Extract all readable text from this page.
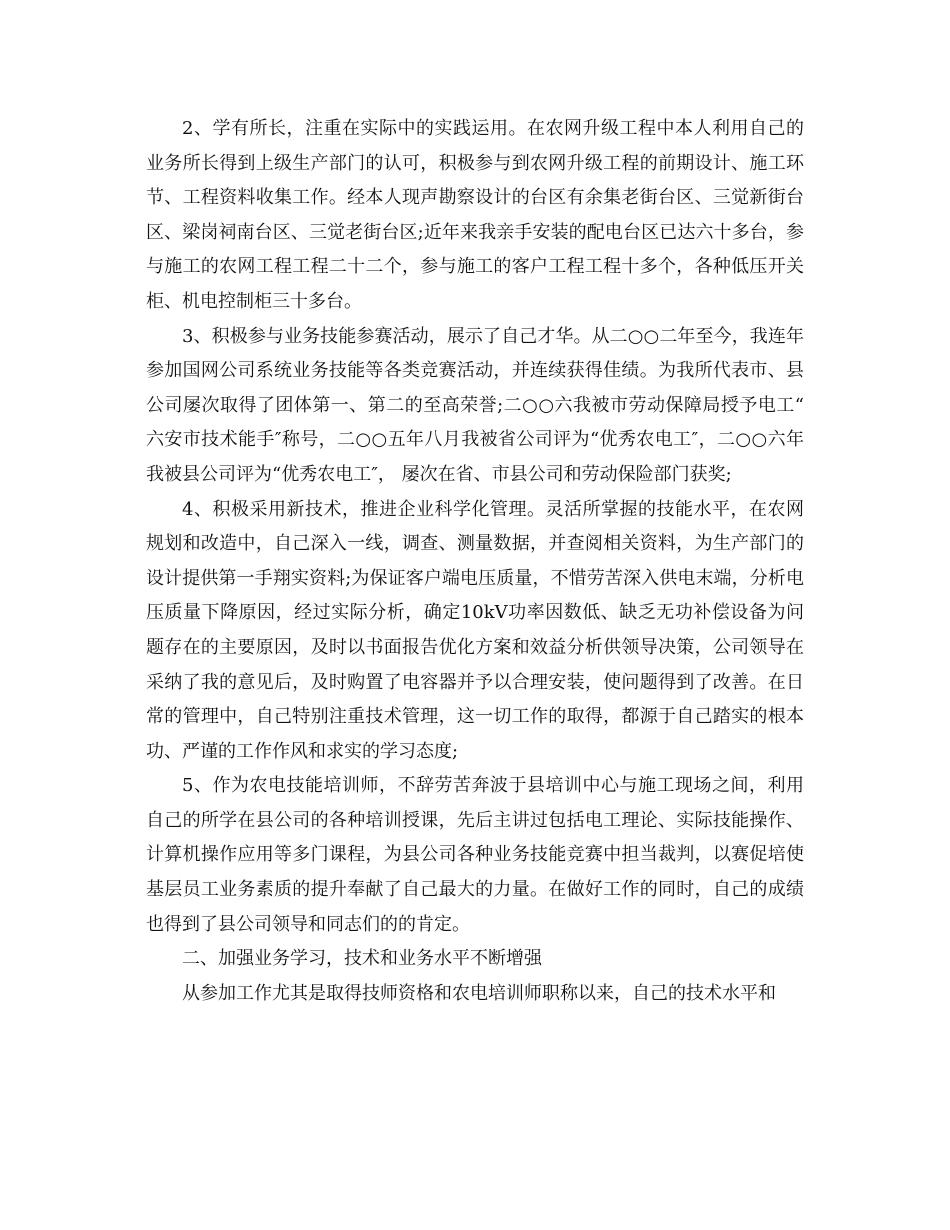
2、学有所长，注重在实际中的实践运用。在农网升级工程中本人利用自己的业务所长得到上级生产部门的认可，积极参与到农网升级工程的前期设计、施工环节、工程资料收集工作。经本人现声勘察设计的台区有余集老街台区、三觉新街台区、梁岗祠南台区、三觉老街台区;近年来我亲手安装的配电台区已达六十多台，参与施工的农网工程工程二十二个，参与施工的客户工程工程十多个，各种低压开关柜、机电控制柜三十多台。

3、积极参与业务技能参赛活动，展示了自己才华。从二○○二年至今，我连年参加国网公司系统业务技能等各类竞赛活动，并连续获得佳绩。为我所代表市、县公司屡次取得了团体第一、第二的至高荣誉;二○○六我被市劳动保障局授予电工“六安市技术能手″称号，二○○五年八月我被省公司评为“优秀农电工″，二○○六年我被县公司评为“优秀农电工″， 屡次在省、市县公司和劳动保险部门获奖;

4、积极采用新技术，推进企业科学化管理。灵活所掌握的技能水平，在农网规划和改造中，自己深入一线，调查、测量数据，并查阅相关资料，为生产部门的设计提供第一手翔实资料;为保证客户端电压质量，不惜劳苦深入供电末端，分析电压质量下降原因，经过实际分析，确定10kV功率因数低、缺乏无功补偿设备为问题存在的主要原因，及时以书面报告优化方案和效益分析供领导决策，公司领导在采纳了我的意见后，及时购置了电容器并予以合理安装，使问题得到了改善。在日常的管理中，自己特别注重技术管理，这一切工作的取得，都源于自己踏实的根本功、严谨的工作作风和求实的学习态度;

5、作为农电技能培训师，不辞劳苦奔波于县培训中心与施工现场之间，利用自己的所学在县公司的各种培训授课，先后主讲过包括电工理论、实际技能操作、计算机操作应用等多门课程，为县公司各种业务技能竞赛中担当裁判，以赛促培使基层员工业务素质的提升奉献了自己最大的力量。在做好工作的同时，自己的成绩也得到了县公司领导和同志们的的肯定。

二、加强业务学习，技术和业务水平不断增强

从参加工作尤其是取得技师资格和农电培训师职称以来，自己的技术水平和
